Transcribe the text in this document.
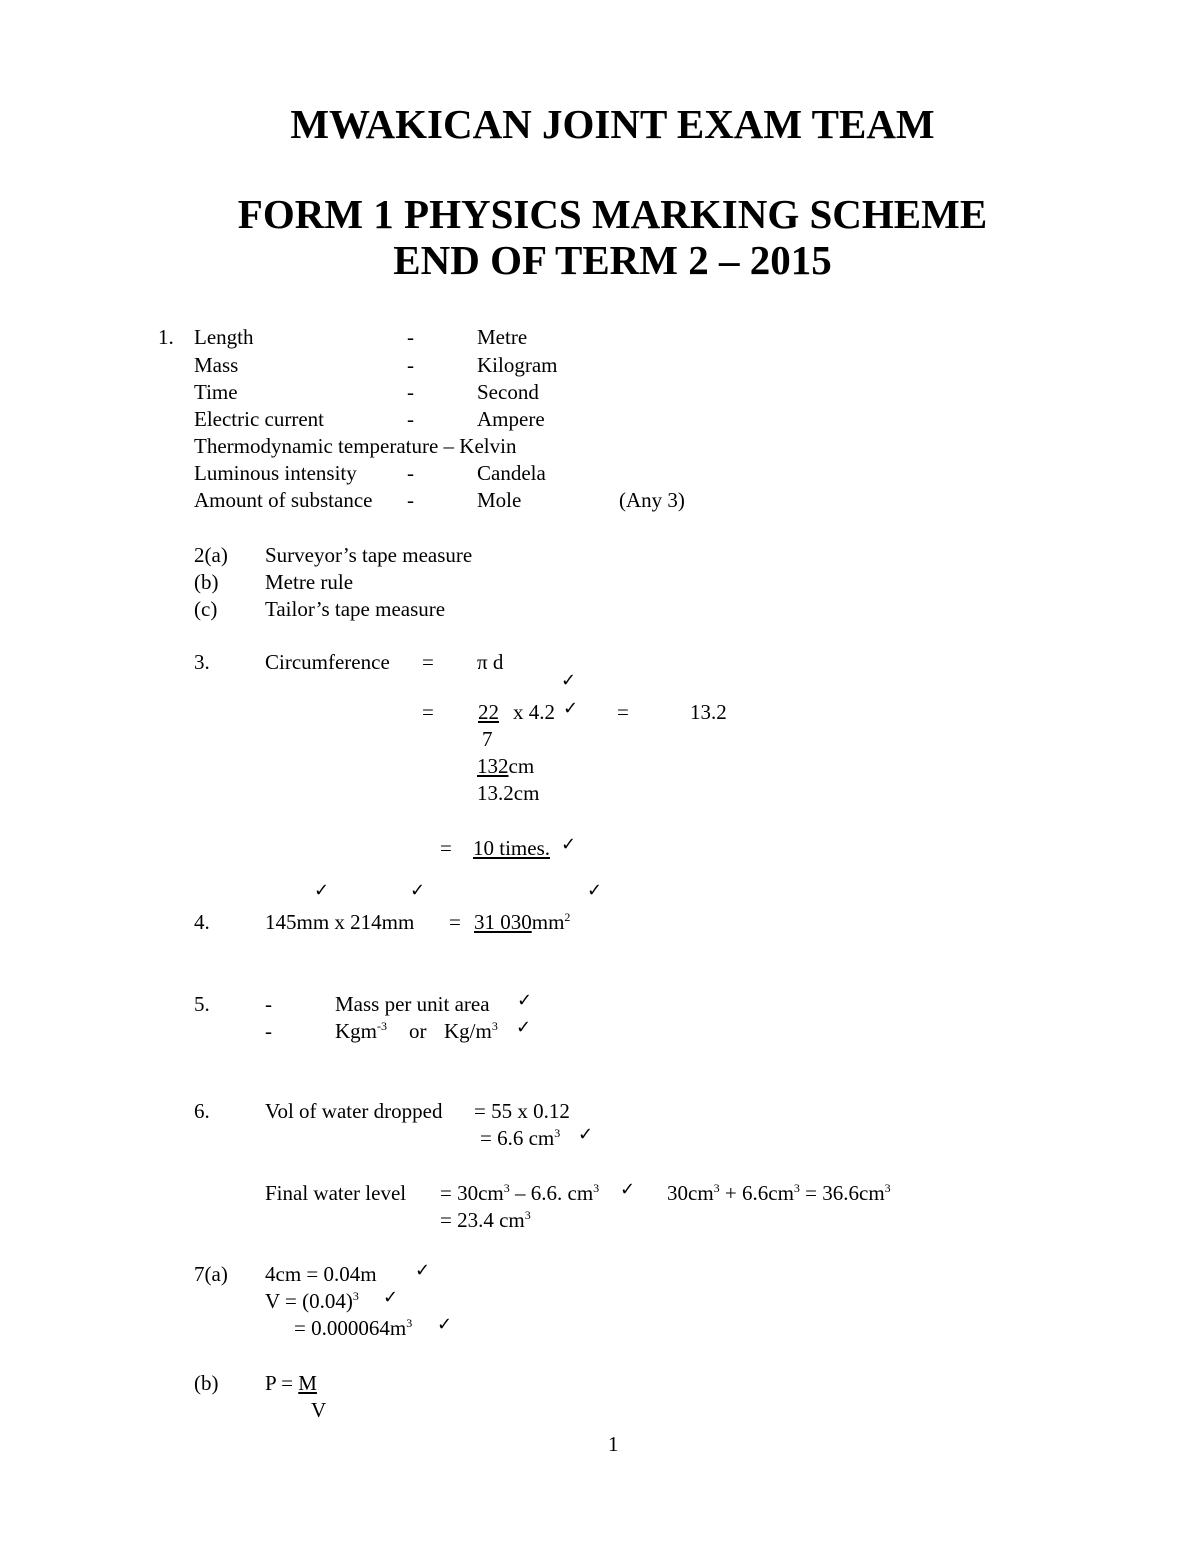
MWAKICAN JOINT EXAM TEAM
FORM 1 PHYSICS MARKING SCHEME
END OF TERM 2 – 2015
1. Length	-	Metre
Mass	-	Kilogram
Time	-	Second
Electric current	-	Ampere
Thermodynamic temperature – Kelvin
Luminous intensity -	Candela
Amount of substance -	Mole	(Any 3)
2(a) Surveyor’s tape measure
(b) Metre rule
(c) Tailor’s tape measure
3.	Circumference = π d
✓
= 22 x 4.2 ✓ =	13.2
7
132cm
13.2cm
= 10 times. ✓
✓	✓	✓
4.	145mm x 214mm = 31 $030mm^2$
5.	-	Mass per unit area ✓
-	Kgm$^{-3}$ or $Kg/m^3$ ✓
6.	Vol of water dropped = 55 x 0.12
= 6.6 $cm^3$ ✓
Final water level = $30cm^3 - 6.6$. $cm^3$ ✓ $30cm^3 + 6.6cm^3 = 36.6cm^3$
= 23.4 $cm^3$
7(a) 4cm = 0.04m ✓
$V = (0.04)^3$ ✓
= $0.000064m^3$ ✓
(b) P = M
V
1
